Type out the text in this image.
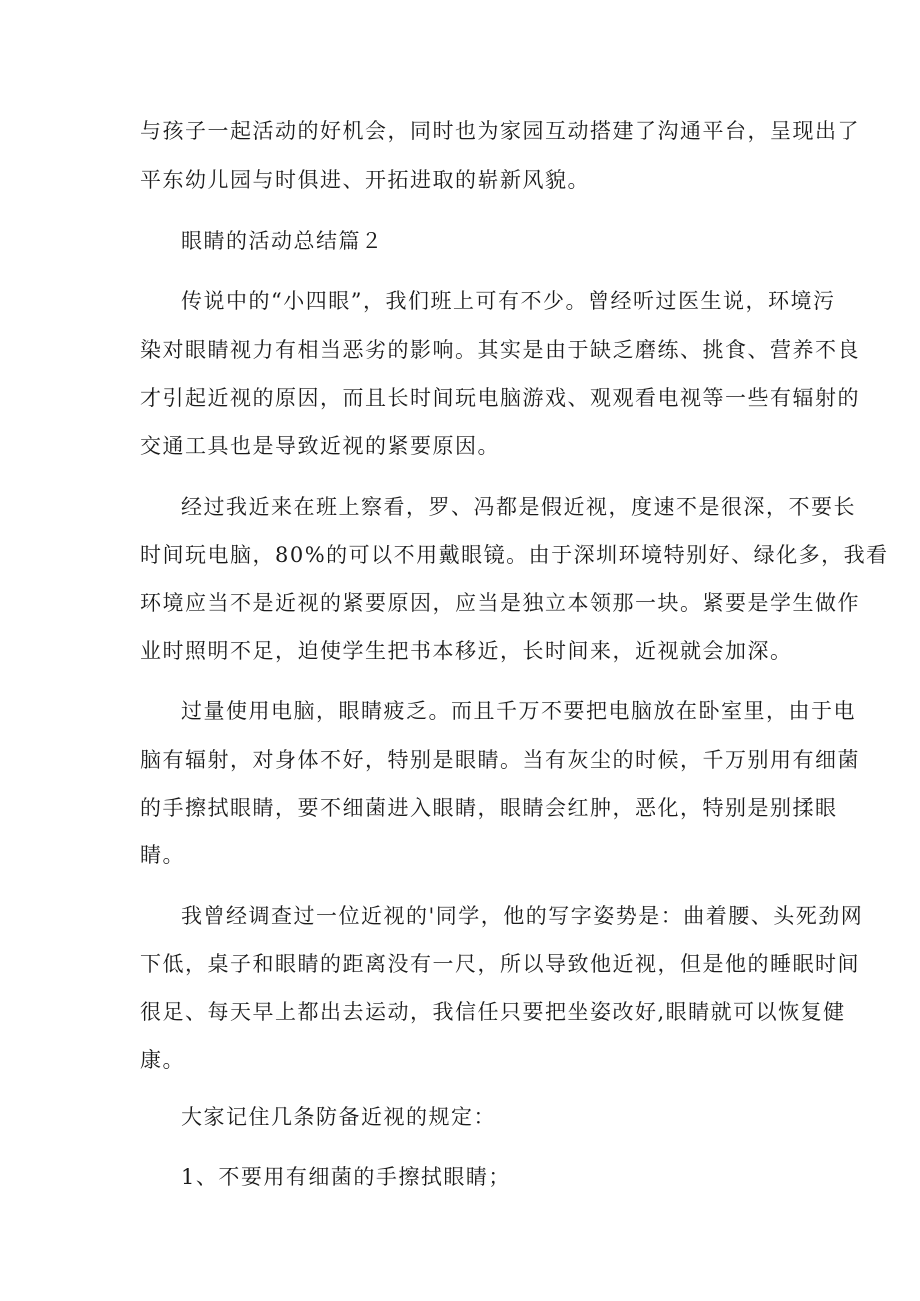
与孩子一起活动的好机会，同时也为家园互动搭建了沟通平台，呈现出了
平东幼儿园与时俱进、开拓进取的崭新风貌。
眼睛的活动总结篇２
传说中的“小四眼”，我们班上可有不少。曾经听过医生说，环境污
染对眼睛视力有相当恶劣的影响。其实是由于缺乏磨练、挑食、营养不良
才引起近视的原因，而且长时间玩电脑游戏、观观看电视等一些有辐射的
交通工具也是导致近视的紧要原因。
经过我近来在班上察看，罗、冯都是假近视，度速不是很深，不要长
时间玩电脑，80%的可以不用戴眼镜。由于深圳环境特别好、绿化多，我看
环境应当不是近视的紧要原因，应当是独立本领那一块。紧要是学生做作
业时照明不足，迫使学生把书本移近，长时间来，近视就会加深。
过量使用电脑，眼睛疲乏。而且千万不要把电脑放在卧室里，由于电
脑有辐射，对身体不好，特别是眼睛。当有灰尘的时候，千万别用有细菌
的手擦拭眼睛，要不细菌进入眼睛，眼睛会红肿，恶化，特别是别揉眼
睛。
我曾经调查过一位近视的'同学，他的写字姿势是：曲着腰、头死劲网
下低，桌子和眼睛的距离没有一尺，所以导致他近视，但是他的睡眠时间
很足、每天早上都出去运动，我信任只要把坐姿改好,眼睛就可以恢复健
康。
大家记住几条防备近视的规定：
1、不要用有细菌的手擦拭眼睛；
